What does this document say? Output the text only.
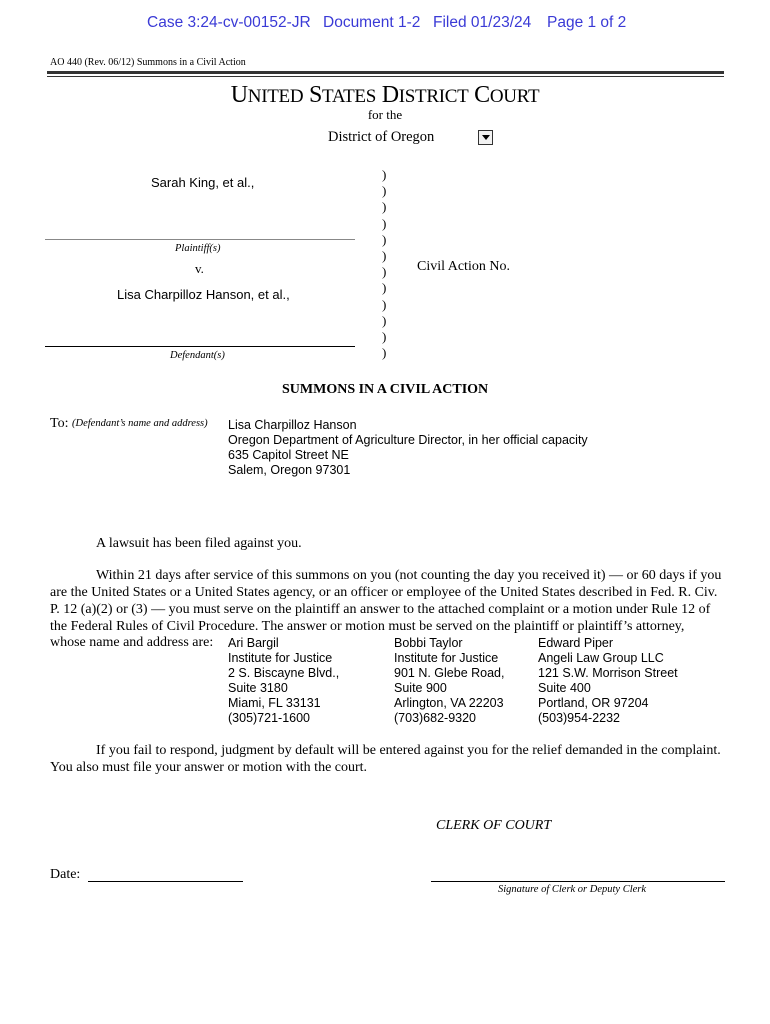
Case 3:24-cv-00152-JR Document 1-2 Filed 01/23/24 Page 1 of 2
AO 440 (Rev. 06/12) Summons in a Civil Action
UNITED STATES DISTRICT COURT
for the
District of Oregon
Sarah King, et al.,
Plaintiff(s)
v.
Lisa Charpilloz Hanson, et al.,
Defendant(s)
)
)
)
)
)
)
)
)
)
)
)
)
Civil Action No.
SUMMONS IN A CIVIL ACTION
To: (Defendant’s name and address) Lisa Charpilloz Hanson
Oregon Department of Agriculture Director, in her official capacity
635 Capitol Street NE
Salem, Oregon 97301
A lawsuit has been filed against you.
Within 21 days after service of this summons on you (not counting the day you received it) — or 60 days if you
are the United States or a United States agency, or an officer or employee of the United States described in Fed. R. Civ.
P. 12 (a)(2) or (3) — you must serve on the plaintiff an answer to the attached complaint or a motion under Rule 12 of
the Federal Rules of Civil Procedure. The answer or motion must be served on the plaintiff or plaintiff’s attorney,
whose name and address are: Ari Bargil
Institute for Justice
2 S. Biscayne Blvd.,
Suite 3180
Miami, FL 33131
(305)721-1600
Bobbi Taylor
Institute for Justice
901 N. Glebe Road,
Suite 900
Arlington, VA 22203
(703)682-9320
Edward Piper
Angeli Law Group LLC
121 S.W. Morrison Street
Suite 400
Portland, OR 97204
(503)954-2232
If you fail to respond, judgment by default will be entered against you for the relief demanded in the complaint.
You also must file your answer or motion with the court.
CLERK OF COURT
Date:
Signature of Clerk or Deputy Clerk
